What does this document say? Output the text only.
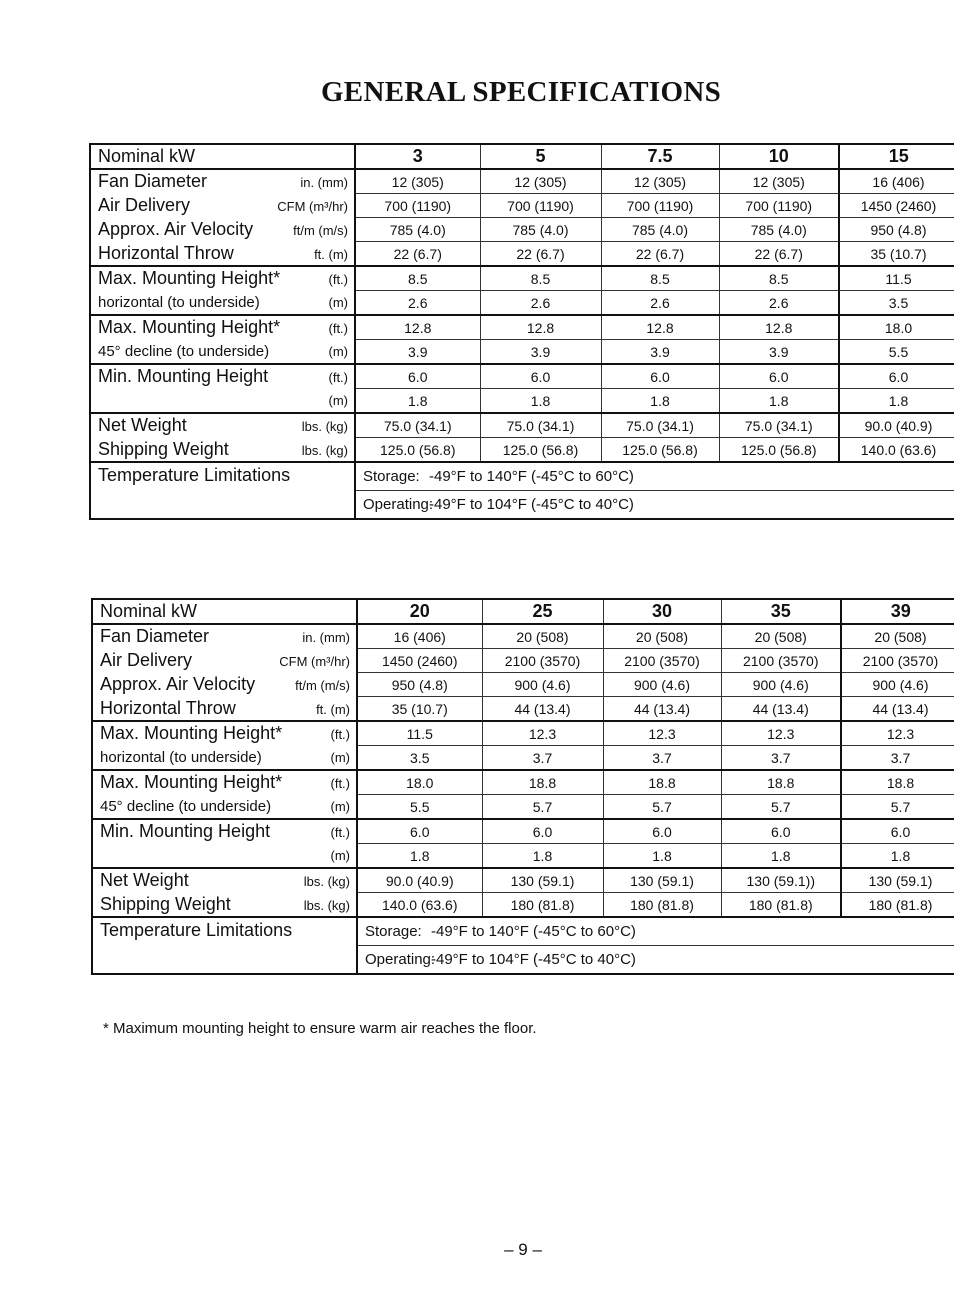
GENERAL SPECIFICATIONS
Nominal kW	3	5	7.5	10	15

Fan Diameter in. (mm)	12 (305)	12 (305)	12 (305)	12 (305)	16 (406)

Air Delivery CFM (m³/hr)	700 (1190)	700 (1190)	700 (1190)	700 (1190)	1450 (2460)

Approx. Air Velocity ft/m (m/s)	785 (4.0)	785 (4.0)	785 (4.0)	785 (4.0)	950 (4.8)

Horizontal Throw ft. (m)	22 (6.7)	22 (6.7)	22 (6.7)	22 (6.7)	35 (10.7)

Max. Mounting Height* (ft.)	8.5	8.5	8.5	8.5	11.5

horizontal (to underside) (m)	2.6	2.6	2.6	2.6	3.5

Max. Mounting Height* (ft.)	12.8	12.8	12.8	12.8	18.0

45° decline (to underside) (m)	3.9	3.9	3.9	3.9	5.5

Min. Mounting Height (ft.)	6.0	6.0	6.0	6.0	6.0

(m)	1.8	1.8	1.8	1.8	1.8

Net Weight lbs. (kg)	75.0 (34.1)	75.0 (34.1)	75.0 (34.1)	75.0 (34.1)	90.0 (40.9)

Shipping Weight lbs. (kg)	125.0 (56.8)	125.0 (56.8)	125.0 (56.8)	125.0 (56.8)	140.0 (63.6)
Temperature Limitations	Storage: -49°F to 140°F (-45°C to 60°C)				
	Operating:-49°F to 104°F (-45°C to 40°C)				
Nominal kW	20	25	30	35	39

Fan Diameter in. (mm)	16 (406)	20 (508)	20 (508)	20 (508)	20 (508)

Air Delivery CFM (m³/hr)	1450 (2460)	2100 (3570)	2100 (3570)	2100 (3570)	2100 (3570)

Approx. Air Velocity ft/m (m/s)	950 (4.8)	900 (4.6)	900 (4.6)	900 (4.6)	900 (4.6)

Horizontal Throw ft. (m)	35 (10.7)	44 (13.4)	44 (13.4)	44 (13.4)	44 (13.4)

Max. Mounting Height* (ft.)	11.5	12.3	12.3	12.3	12.3

horizontal (to underside) (m)	3.5	3.7	3.7	3.7	3.7

Max. Mounting Height* (ft.)	18.0	18.8	18.8	18.8	18.8

45° decline (to underside) (m)	5.5	5.7	5.7	5.7	5.7

Min. Mounting Height (ft.)	6.0	6.0	6.0	6.0	6.0

(m)	1.8	1.8	1.8	1.8	1.8

Net Weight lbs. (kg)	90.0 (40.9)	130 (59.1)	130 (59.1)	130 (59.1))	130 (59.1)

Shipping Weight lbs. (kg)	140.0 (63.6)	180 (81.8)	180 (81.8)	180 (81.8)	180 (81.8)
Temperature Limitations	Storage: -49°F to 140°F (-45°C to 60°C)				
	Operating:-49°F to 104°F (-45°C to 40°C)				
* Maximum mounting height to ensure warm air reaches the floor.
– 9 –
